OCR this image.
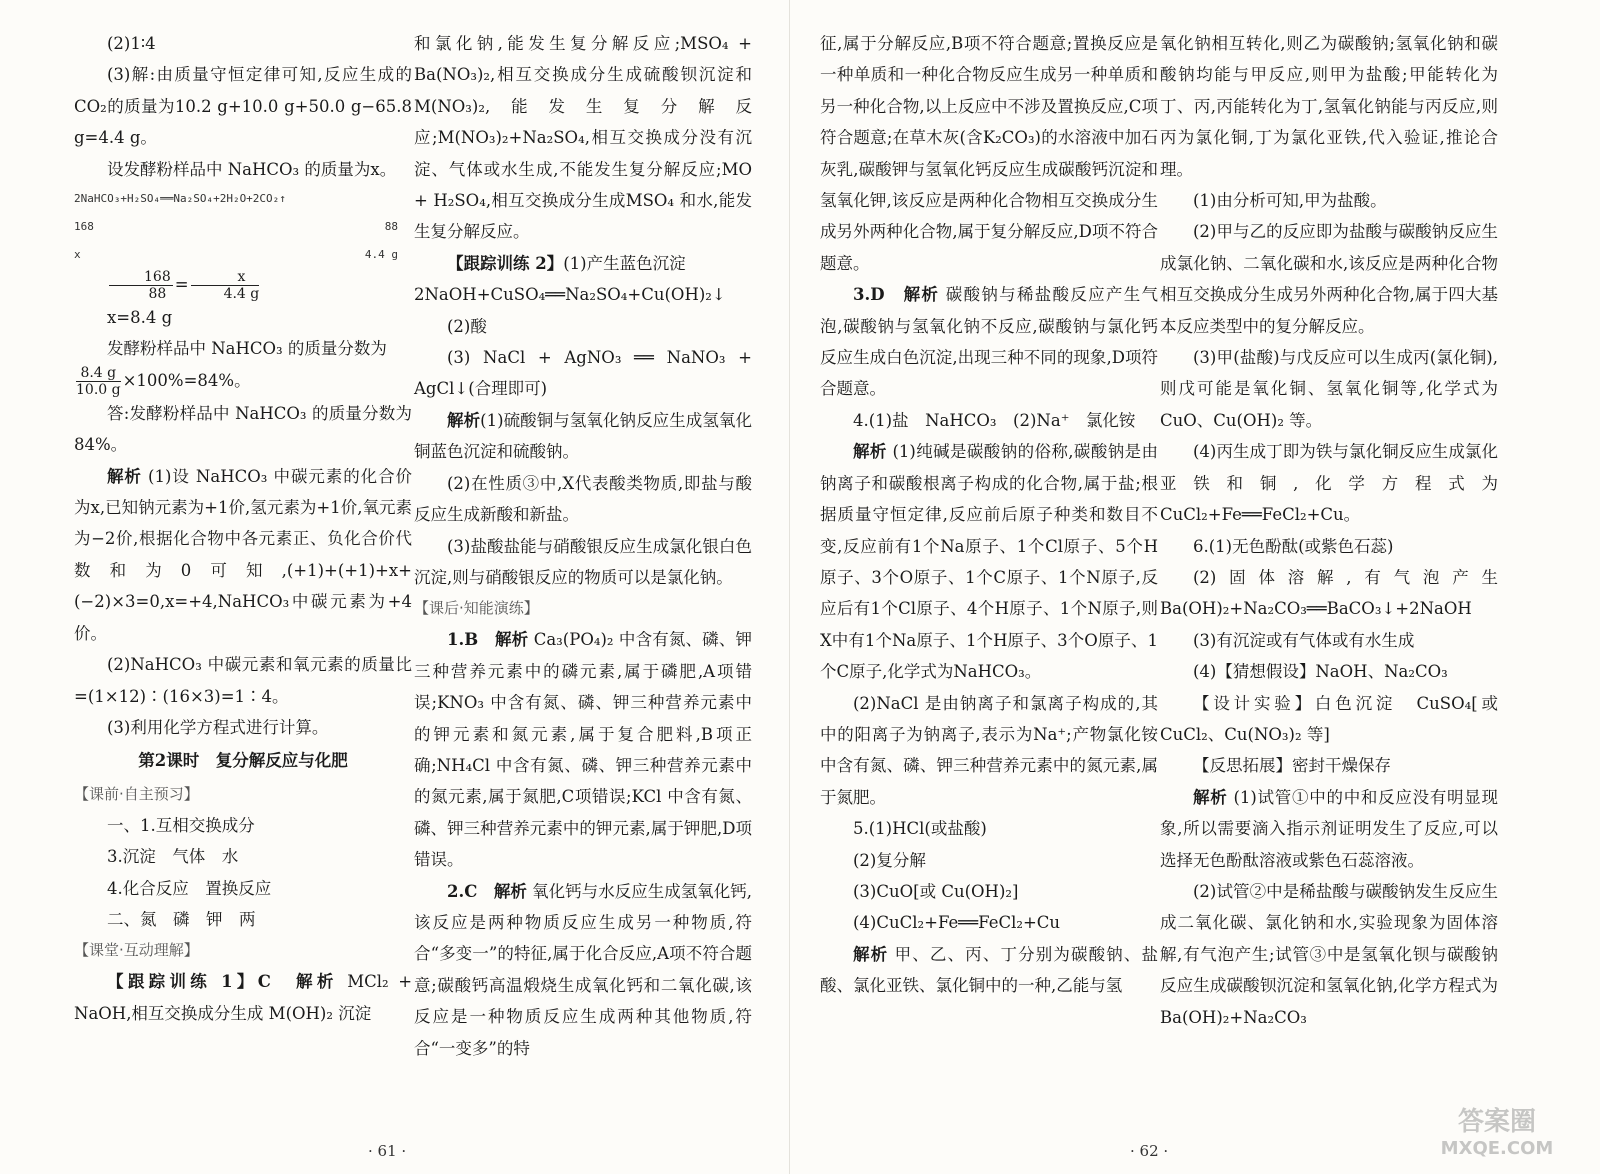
(2)1∶4

(3)解:由质量守恒定律可知,反应生成的CO₂的质量为10.2 g+10.0 g+50.0 g−65.8 g=4.4 g。

设发酵粉样品中 NaHCO₃ 的质量为x。

2NaHCO₃+H₂SO₄══Na₂SO₄+2H₂O+2CO₂↑

168	88

x	4.4 g

$\frac{168}{88} = \frac{x}{4.4 g}$

x=8.4 g

发酵粉样品中 NaHCO₃ 的质量分数为

$\frac{8.4 g}{10.0 g} \times 100\%=84\%$。

答:发酵粉样品中 NaHCO₃ 的质量分数为84%。

解析 (1)设 NaHCO₃ 中碳元素的化合价为x,已知钠元素为+1价,氢元素为+1价,氧元素为−2价,根据化合物中各元素正、负化合价代数和为0可知,(+1)+(+1)+x+(−2)×3=0,x=+4,NaHCO₃中碳元素为+4价。

(2)NaHCO₃ 中碳元素和氧元素的质量比=(1×12)∶(16×3)=1∶4。

(3)利用化学方程式进行计算。

第2课时　复分解反应与化肥

【课前·自主预习】

一、1.互相交换成分

3.沉淀　气体　水

4.化合反应　置换反应

二、氮　磷　钾　两

【课堂·互动理解】

【跟踪训练 1】C　 解析 MCl₂ + NaOH,相互交换成分生成 M(OH)₂ 沉淀

和氯化钠,能发生复分解反应;MSO₄ + Ba(NO₃)₂,相互交换成分生成硫酸钡沉淀和 M(NO₃)₂,能发生复分解反应;M(NO₃)₂+Na₂SO₄,相互交换成分没有沉淀、气体或水生成,不能发生复分解反应;MO + H₂SO₄,相互交换成分生成MSO₄ 和水,能发生复分解反应。

【跟踪训练 2】(1)产生蓝色沉淀

2NaOH+CuSO₄══Na₂SO₄+Cu(OH)₂↓

(2)酸

(3) NaCl + AgNO₃ ══ NaNO₃ + AgCl↓(合理即可)

解析(1)硫酸铜与氢氧化钠反应生成氢氧化铜蓝色沉淀和硫酸钠。

(2)在性质③中,X代表酸类物质,即盐与酸反应生成新酸和新盐。

(3)盐酸盐能与硝酸银反应生成氯化银白色沉淀,则与硝酸银反应的物质可以是氯化钠。

【课后·知能演练】

1.B　 解析 Ca₃(PO₄)₂ 中含有氮、磷、钾三种营养元素中的磷元素,属于磷肥,A项错误;KNO₃ 中含有氮、磷、钾三种营养元素中的钾元素和氮元素,属于复合肥料,B项正确;NH₄Cl 中含有氮、磷、钾三种营养元素中的氮元素,属于氮肥,C项错误;KCl 中含有氮、磷、钾三种营养元素中的钾元素,属于钾肥,D项错误。

2.C　 解析 氧化钙与水反应生成氢氧化钙,该反应是两种物质反应生成另一种物质,符合“多变一”的特征,属于化合反应,A项不符合题意;碳酸钙高温煅烧生成氧化钙和二氧化碳,该反应是一种物质反应生成两种其他物质,符合“一变多”的特

· 61 ·

征,属于分解反应,B项不符合题意;置换反应是一种单质和一种化合物反应生成另一种单质和另一种化合物,以上反应中不涉及置换反应,C项符合题意;在草木灰(含K₂CO₃)的水溶液中加石灰乳,碳酸钾与氢氧化钙反应生成碳酸钙沉淀和氢氧化钾,该反应是两种化合物相互交换成分生成另外两种化合物,属于复分解反应,D项不符合题意。

3.D　 解析 碳酸钠与稀盐酸反应产生气泡,碳酸钠与氢氧化钠不反应,碳酸钠与氯化钙反应生成白色沉淀,出现三种不同的现象,D项符合题意。

4.(1)盐　NaHCO₃　(2)Na⁺　氯化铵

解析 (1)纯碱是碳酸钠的俗称,碳酸钠是由钠离子和碳酸根离子构成的化合物,属于盐;根据质量守恒定律,反应前后原子种类和数目不变,反应前有1个Na原子、1个Cl原子、5个H原子、3个O原子、1个C原子、1个N原子,反应后有1个Cl原子、4个H原子、1个N原子,则X中有1个Na原子、1个H原子、3个O原子、1个C原子,化学式为NaHCO₃。

(2)NaCl 是由钠离子和氯离子构成的,其中的阳离子为钠离子,表示为Na⁺;产物氯化铵中含有氮、磷、钾三种营养元素中的氮元素,属于氮肥。

5.(1)HCl(或盐酸)

(2)复分解

(3)CuO[或 Cu(OH)₂]

(4)CuCl₂+Fe══FeCl₂+Cu

解析 甲、乙、丙、丁分别为碳酸钠、盐酸、氯化亚铁、氯化铜中的一种,乙能与氢

氧化钠相互转化,则乙为碳酸钠;氢氧化钠和碳酸钠均能与甲反应,则甲为盐酸;甲能转化为丁、丙,丙能转化为丁,氢氧化钠能与丙反应,则丙为氯化铜,丁为氯化亚铁,代入验证,推论合理。

(1)由分析可知,甲为盐酸。

(2)甲与乙的反应即为盐酸与碳酸钠反应生成氯化钠、二氧化碳和水,该反应是两种化合物相互交换成分生成另外两种化合物,属于四大基本反应类型中的复分解反应。

(3)甲(盐酸)与戊反应可以生成丙(氯化铜),则戊可能是氧化铜、氢氧化铜等,化学式为CuO、Cu(OH)₂ 等。

(4)丙生成丁即为铁与氯化铜反应生成氯化亚铁和铜,化学方程式为 CuCl₂+Fe══FeCl₂+Cu。

6.(1)无色酚酞(或紫色石蕊)

(2)固体溶解,有气泡产生　Ba(OH)₂+Na₂CO₃══BaCO₃↓+2NaOH

(3)有沉淀或有气体或有水生成

(4)【猜想假设】NaOH、Na₂CO₃

【设计实验】白色沉淀　CuSO₄[或CuCl₂、Cu(NO₃)₂ 等]

【反思拓展】密封干燥保存

解析 (1)试管①中的中和反应没有明显现象,所以需要滴入指示剂证明发生了反应,可以选择无色酚酞溶液或紫色石蕊溶液。

(2)试管②中是稀盐酸与碳酸钠发生反应生成二氧化碳、氯化钠和水,实验现象为固体溶解,有气泡产生;试管③中是氢氧化钡与碳酸钠反应生成碳酸钡沉淀和氢氧化钠,化学方程式为 Ba(OH)₂+Na₂CO₃

· 62 ·
答案圈
MXQE.COM
